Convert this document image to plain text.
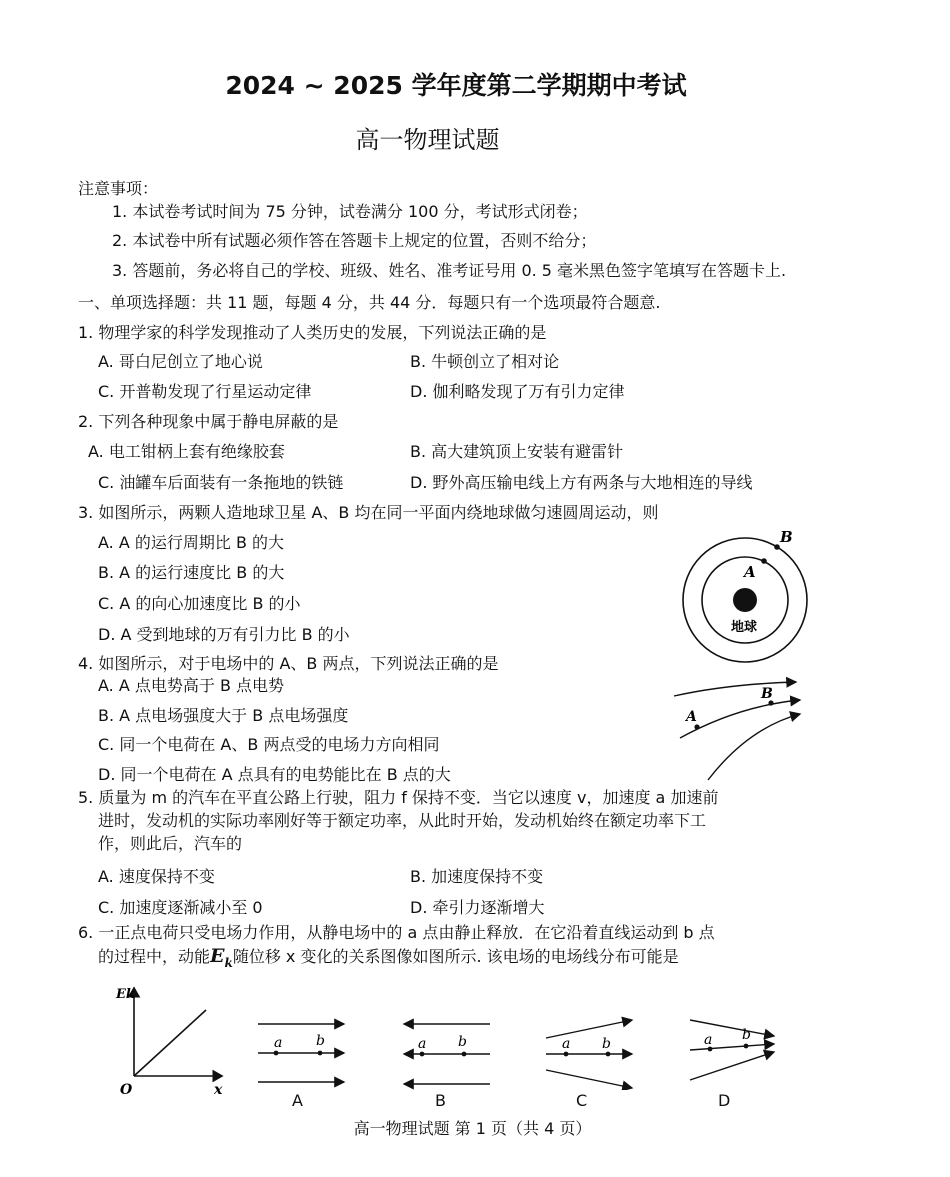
2024 ~ 2025 学年度第二学期期中考试
高一物理试题
注意事项：
1. 本试卷考试时间为 75 分钟，试卷满分 100 分，考试形式闭卷；
2. 本试卷中所有试题必须作答在答题卡上规定的位置，否则不给分；
3. 答题前，务必将自己的学校、班级、姓名、准考证号用 0. 5 毫米黑色签字笔填写在答题卡上.
一、单项选择题：共 11 题，每题 4 分，共 44 分．每题只有一个选项最符合题意.
1. 物理学家的科学发现推动了人类历史的发展，下列说法正确的是
A. 哥白尼创立了地心说	B. 牛顿创立了相对论
C. 开普勒发现了行星运动定律	D. 伽利略发现了万有引力定律
2. 下列各种现象中属于静电屏蔽的是
A. 电工钳柄上套有绝缘胶套	B. 高大建筑顶上安装有避雷针
C. 油罐车后面装有一条拖地的铁链	D. 野外高压输电线上方有两条与大地相连的导线
3. 如图所示，两颗人造地球卫星 A、B 均在同一平面内绕地球做匀速圆周运动，则
A. A 的运行周期比 B 的大
B. A 的运行速度比 B 的大
C. A 的向心加速度比 B 的小
D. A 受到地球的万有引力比 B 的小
A
B
地球
4. 如图所示，对于电场中的 A、B 两点，下列说法正确的是
A. A 点电势高于 B 点电势
B. A 点电场强度大于 B 点电场强度
C. 同一个电荷在 A、B 两点受的电场力方向相同
D. 同一个电荷在 A 点具有的电势能比在 B 点的大
A
B
5. 质量为 m 的汽车在平直公路上行驶，阻力 f 保持不变．当它以速度 v，加速度 a 加速前
进时，发动机的实际功率刚好等于额定功率，从此时开始，发动机始终在额定功率下工
作，则此后，汽车的
A. 速度保持不变	B. 加速度保持不变
C. 加速度逐渐减小至 0	D. 牵引力逐渐增大
6. 一正点电荷只受电场力作用，从静电场中的 a 点由静止释放．在它沿着直线运动到 b 点
的过程中，动能$E_k$随位移 x 变化的关系图像如图所示. 该电场的电场线分布可能是
Ek
x
O
a b
A
a b
B
a b
C
a b
D
高一物理试题 第 1 页（共 4 页）
